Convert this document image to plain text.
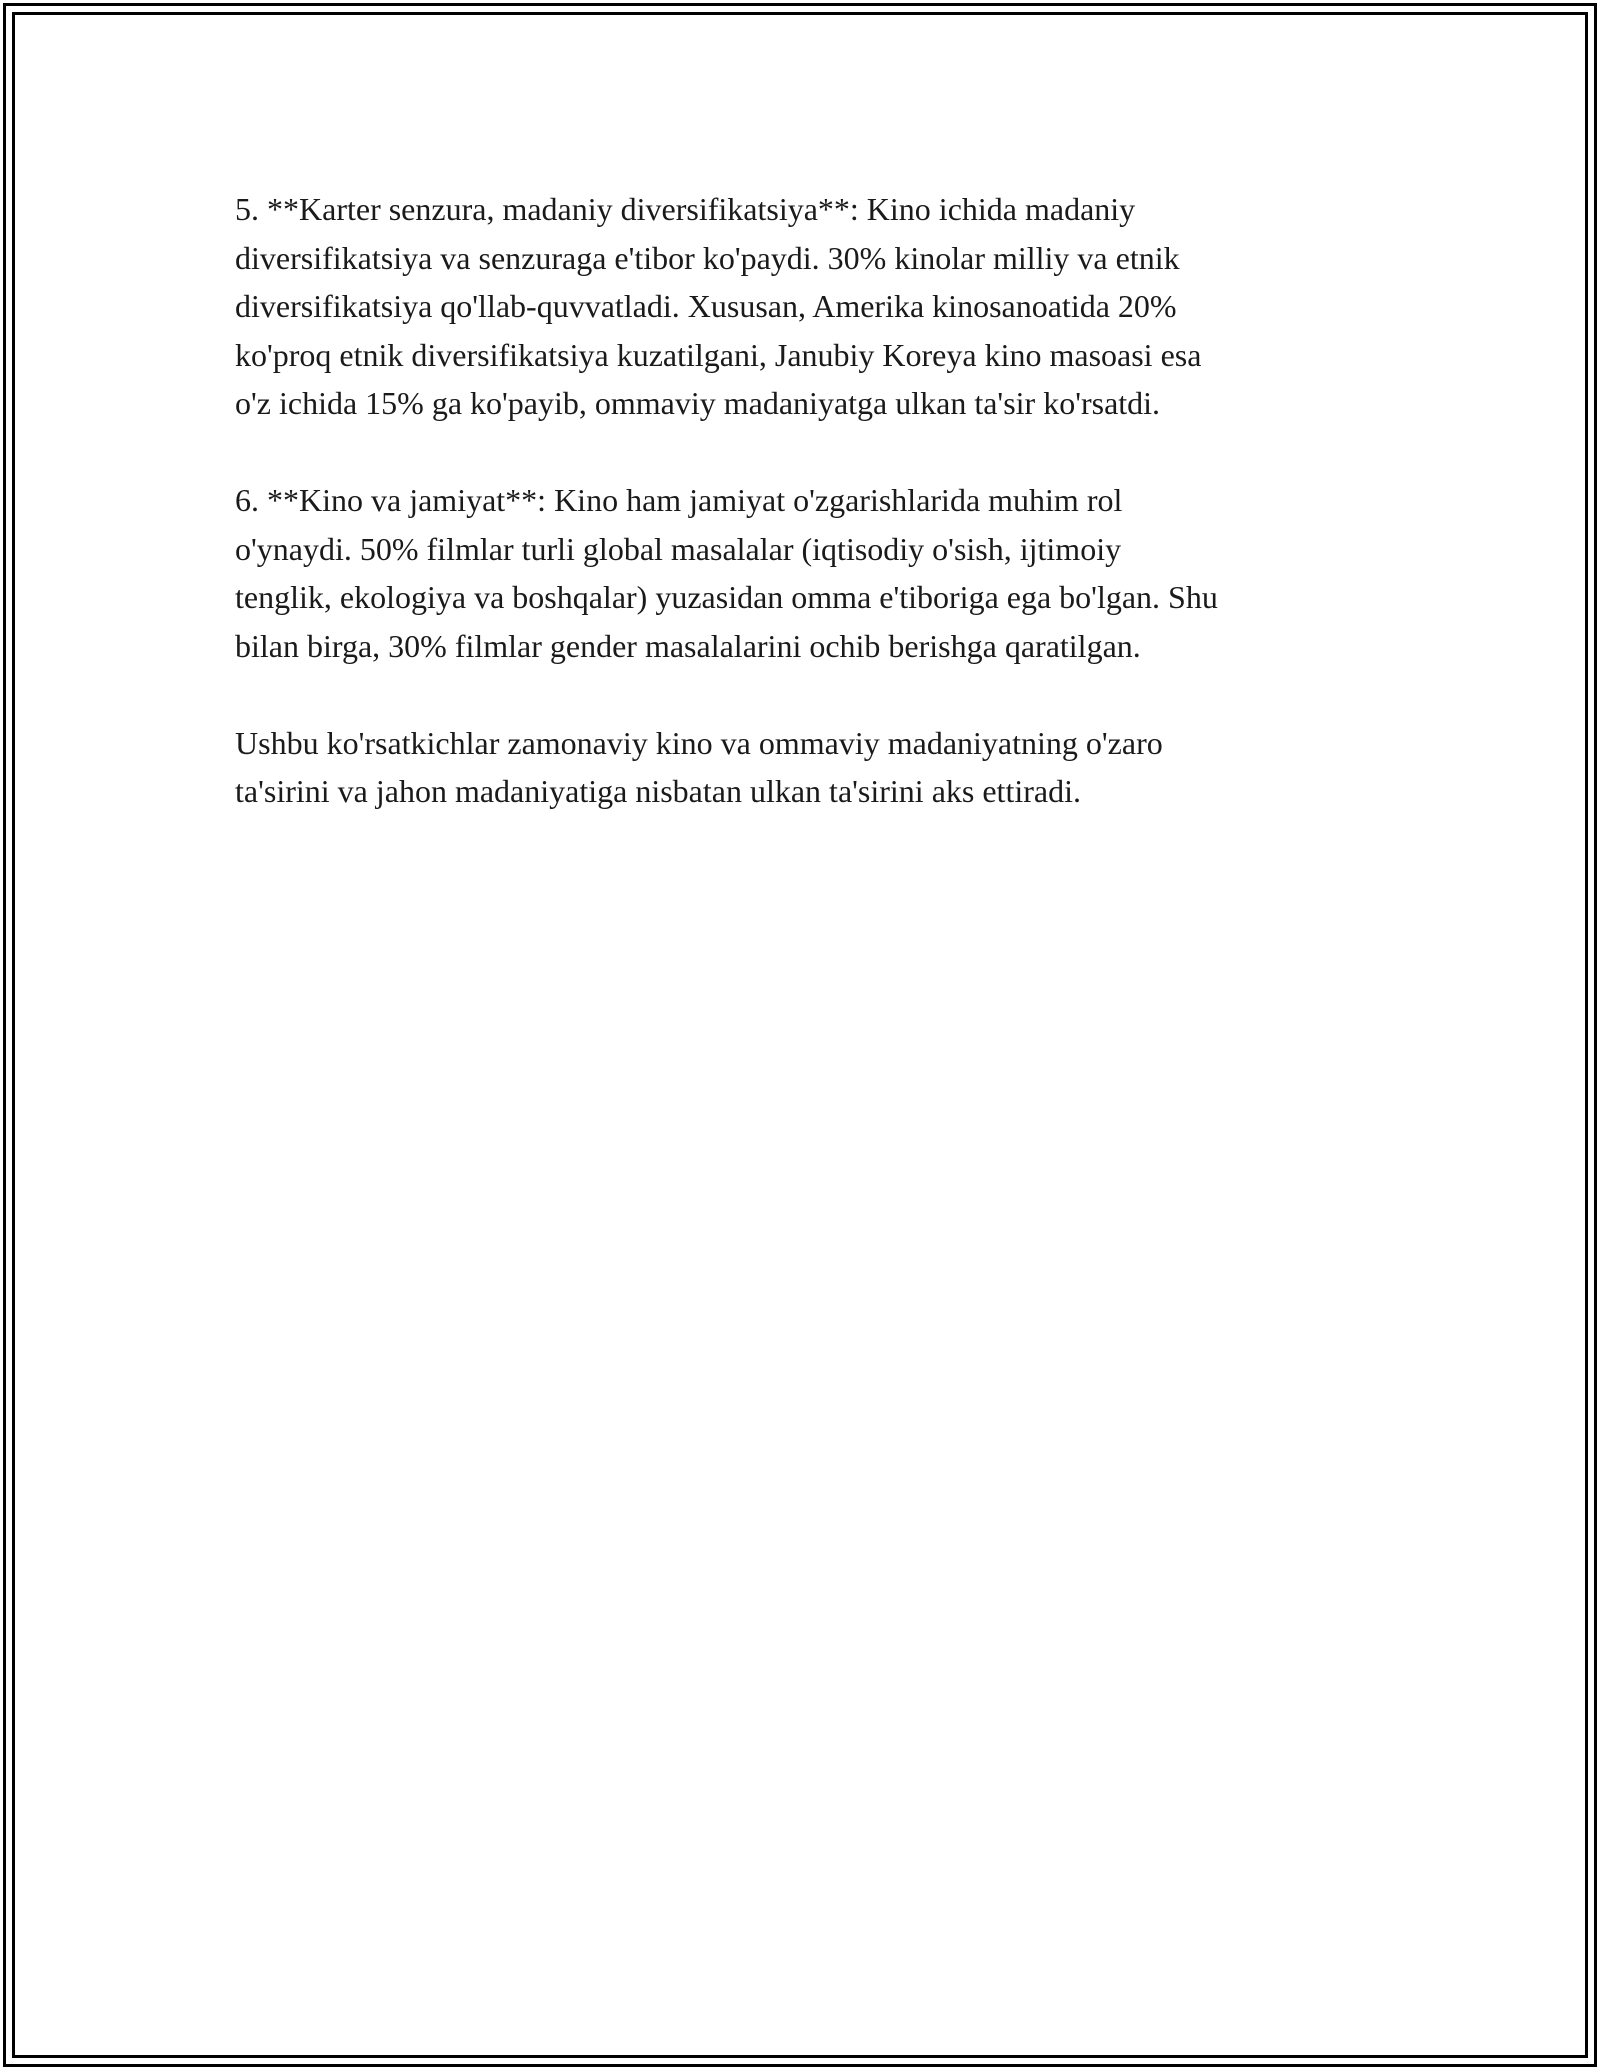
5. **Karter senzura, madaniy diversifikatsiya**: Kino ichida madaniy
diversifikatsiya va senzuraga e'tibor ko'paydi. 30% kinolar milliy va etnik
diversifikatsiya qo'llab-quvvatladi. Xususan, Amerika kinosanoatida 20%
ko'proq etnik diversifikatsiya kuzatilgani, Janubiy Koreya kino masoasi esa
o'z ichida 15% ga ko'payib, ommaviy madaniyatga ulkan ta'sir ko'rsatdi.

6. **Kino va jamiyat**: Kino ham jamiyat o'zgarishlarida muhim rol
o'ynaydi. 50% filmlar turli global masalalar (iqtisodiy o'sish, ijtimoiy
tenglik, ekologiya va boshqalar) yuzasidan omma e'tiboriga ega bo'lgan. Shu
bilan birga, 30% filmlar gender masalalarini ochib berishga qaratilgan.

Ushbu ko'rsatkichlar zamonaviy kino va ommaviy madaniyatning o'zaro
ta'sirini va jahon madaniyatiga nisbatan ulkan ta'sirini aks ettiradi.
